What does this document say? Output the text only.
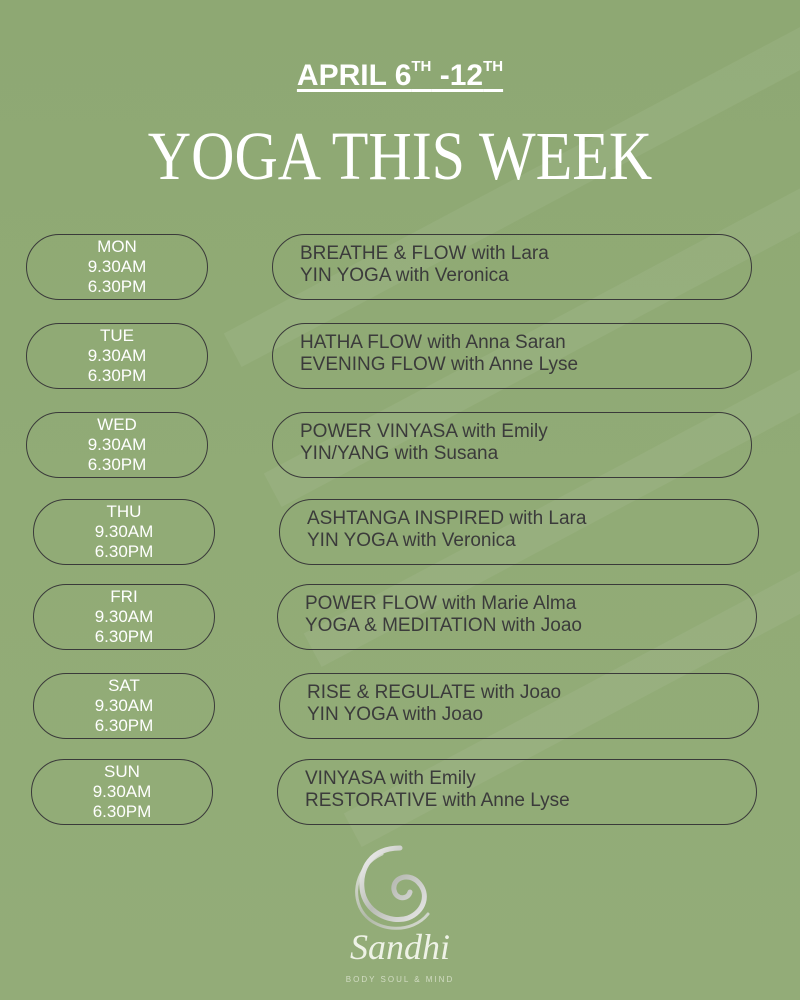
APRIL 6TH -12TH
YOGA THIS WEEK
MON
9.30AM
6.30PM
BREATHE & FLOW with Lara
YIN YOGA with Veronica
TUE
9.30AM
6.30PM
HATHA FLOW with Anna Saran
EVENING FLOW with Anne Lyse
WED
9.30AM
6.30PM
POWER VINYASA with Emily
YIN/YANG with Susana
THU
9.30AM
6.30PM
ASHTANGA INSPIRED with Lara
YIN YOGA with Veronica
FRI
9.30AM
6.30PM
POWER FLOW with Marie Alma
YOGA & MEDITATION with Joao
SAT
9.30AM
6.30PM
RISE & REGULATE with Joao
YIN YOGA with Joao
SUN
9.30AM
6.30PM
VINYASA with Emily
RESTORATIVE with Anne Lyse
Sandhi
BODY SOUL & MIND
